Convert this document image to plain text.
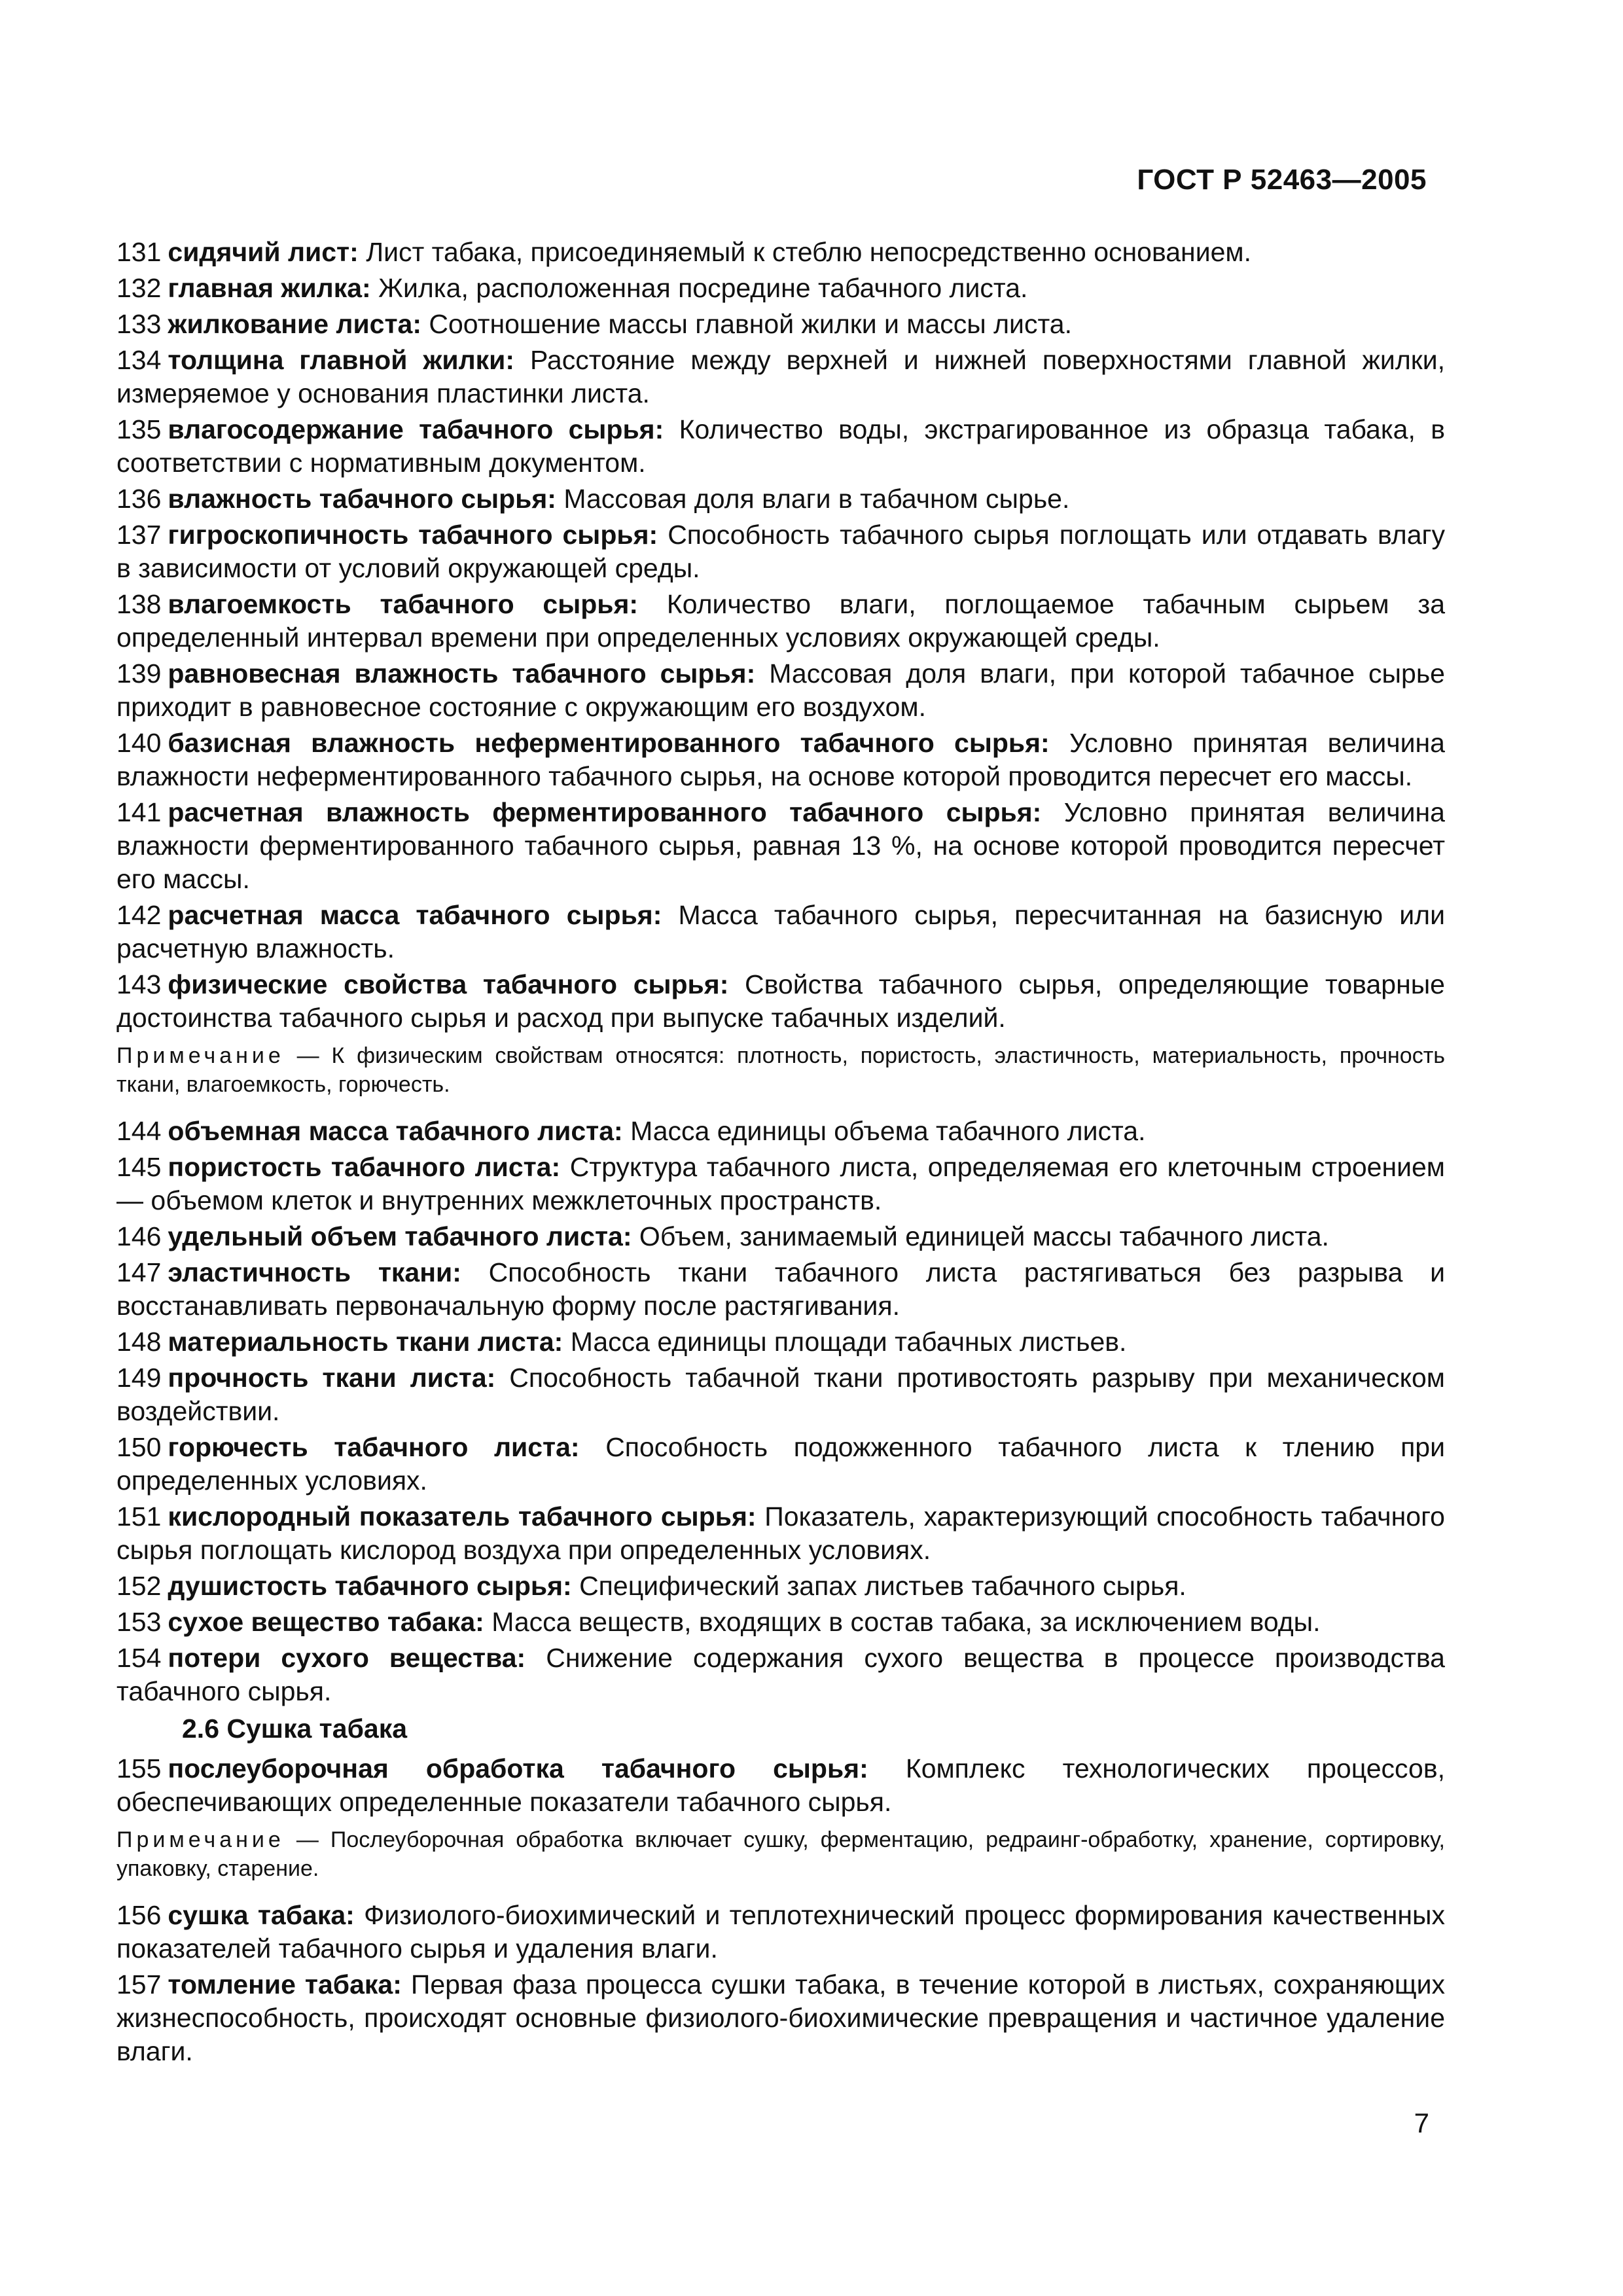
ГОСТ Р 52463—2005

131 сидячий лист: Лист табака, присоединяемый к стеблю непосредственно основанием.

132 главная жилка: Жилка, расположенная посредине табачного листа.

133 жилкование листа: Соотношение массы главной жилки и массы листа.

134 толщина главной жилки: Расстояние между верхней и нижней поверхностями главной жилки, измеряемое у основания пластинки листа.

135 влагосодержание табачного сырья: Количество воды, экстрагированное из образца табака, в соответствии с нормативным документом.

136 влажность табачного сырья: Массовая доля влаги в табачном сырье.

137 гигроскопичность табачного сырья: Способность табачного сырья поглощать или отдавать влагу в зависимости от условий окружающей среды.

138 влагоемкость табачного сырья: Количество влаги, поглощаемое табачным сырьем за определенный интервал времени при определенных условиях окружающей среды.

139 равновесная влажность табачного сырья: Массовая доля влаги, при которой табачное сырье приходит в равновесное состояние с окружающим его воздухом.

140 базисная влажность неферментированного табачного сырья: Условно принятая величина влажности неферментированного табачного сырья, на основе которой проводится пересчет его массы.

141 расчетная влажность ферментированного табачного сырья: Условно принятая величина влажности ферментированного табачного сырья, равная 13 %, на основе которой проводится пересчет его массы.

142 расчетная масса табачного сырья: Масса табачного сырья, пересчитанная на базисную или расчетную влажность.

143 физические свойства табачного сырья: Свойства табачного сырья, определяющие товарные достоинства табачного сырья и расход при выпуске табачных изделий.

Примечание — К физическим свойствам относятся: плотность, пористость, эластичность, материальность, прочность ткани, влагоемкость, горючесть.

144 объемная масса табачного листа: Масса единицы объема табачного листа.

145 пористость табачного листа: Структура табачного листа, определяемая его клеточным строением — объемом клеток и внутренних межклеточных пространств.

146 удельный объем табачного листа: Объем, занимаемый единицей массы табачного листа.

147 эластичность ткани: Способность ткани табачного листа растягиваться без разрыва и восстанавливать первоначальную форму после растягивания.

148 материальность ткани листа: Масса единицы площади табачных листьев.

149 прочность ткани листа: Способность табачной ткани противостоять разрыву при механическом воздействии.

150 горючесть табачного листа: Способность подожженного табачного листа к тлению при определенных условиях.

151 кислородный показатель табачного сырья: Показатель, характеризующий способность табачного сырья поглощать кислород воздуха при определенных условиях.

152 душистость табачного сырья: Специфический запах листьев табачного сырья.

153 сухое вещество табака: Масса веществ, входящих в состав табака, за исключением воды.

154 потери сухого вещества: Снижение содержания сухого вещества в процессе производства табачного сырья.

2.6 Сушка табака

155 послеуборочная обработка табачного сырья: Комплекс технологических процессов, обеспечивающих определенные показатели табачного сырья.

Примечание — Послеуборочная обработка включает сушку, ферментацию, редраинг-обработку, хранение, сортировку, упаковку, старение.

156 сушка табака: Физиолого-биохимический и теплотехнический процесс формирования качественных показателей табачного сырья и удаления влаги.

157 томление табака: Первая фаза процесса сушки табака, в течение которой в листьях, сохраняющих жизнеспособность, происходят основные физиолого-биохимические превращения и частичное удаление влаги.

7
